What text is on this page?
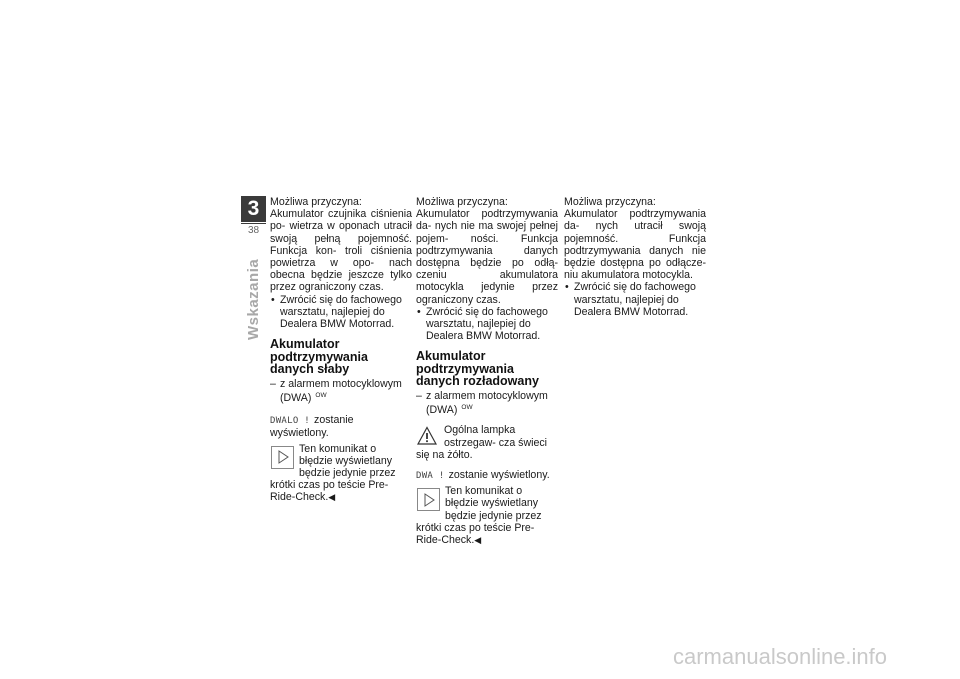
3
38
Wskazania

Możliwa przyczyna:

Akumulator czujnika ciśnienia po- wietrza w oponach utracił swoją pełną pojemność. Funkcja kon- troli ciśnienia powietrza w opo- nach obecna będzie jeszcze tylko przez ograniczony czas.

• Zwrócić się do fachowego warsztatu, najlepiej do Dealera BMW Motorrad.
Akumulator podtrzymywania danych słaby
– z alarmem motocyklowym (DWA) $^{OW}$
DWALO ! zostanie wyświetlony.
Ten komunikat o błędzie wyświetlany będzie jedynie przez krótki czas po teście Pre- Ride-Check.◀

Możliwa przyczyna:

Akumulator podtrzymywania da- nych nie ma swojej pełnej pojem- ności. Funkcja podtrzymywania danych dostępna będzie po odłą- czeniu akumulatora motocykla jedynie przez ograniczony czas.

• Zwrócić się do fachowego warsztatu, najlepiej do Dealera BMW Motorrad.
Akumulator podtrzymywania danych rozładowany
– z alarmem motocyklowym (DWA) $^{OW}$
Ogólna lampka ostrzegaw- cza świeci się na żółto.
DWA ! zostanie wyświetlony.
Ten komunikat o błędzie wyświetlany będzie jedynie przez krótki czas po teście Pre- Ride-Check.◀

Możliwa przyczyna:

Akumulator podtrzymywania da- nych utracił swoją pojemność. Funkcja podtrzymywania danych nie będzie dostępna po odłącze- niu akumulatora motocykla.

• Zwrócić się do fachowego warsztatu, najlepiej do Dealera BMW Motorrad.
carmanualsonline.info
